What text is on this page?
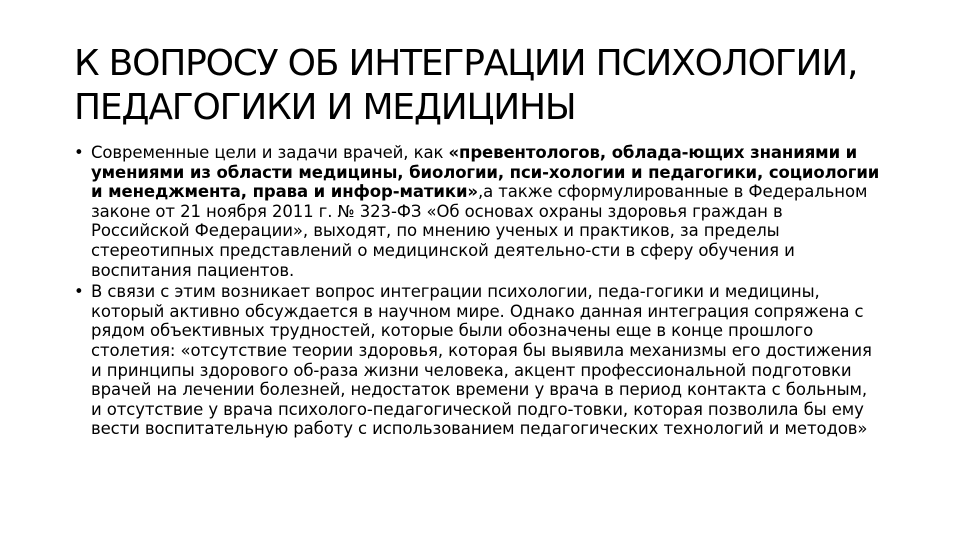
К ВОПРОСУ ОБ ИНТЕГРАЦИИ ПСИХОЛОГИИ, ПЕДАГОГИКИ И МЕДИЦИНЫ
• Современные цели и задачи врачей, как «превентологов, облада-ющих знаниями и умениями из области медицины, биологии, пси-хологии и педагогики, социологии и менеджмента, права и инфор-матики»,а также сформулированные в Федеральном законе от 21 ноября 2011 г. № 323-ФЗ «Об основах охраны здоровья граждан в Российской Федерации», выходят, по мнению ученых и практиков, за пределы стереотипных представлений о медицинской деятельно-сти в сферу обучения и воспитания пациентов.
• В связи с этим возникает вопрос интеграции психологии, педа-гогики и медицины, который активно обсуждается в научном мире. Однако данная интеграция сопряжена с рядом объективных трудностей, которые были обозначены еще в конце прошлого столетия: «отсутствие теории здоровья, которая бы выявила механизмы его достижения и принципы здорового об-раза жизни человека, акцент профессиональной подготовки врачей на лечении болезней, недостаток времени у врача в период контакта с больным, и отсутствие у врача психолого-педагогической подго-товки, которая позволила бы ему вести воспитательную работу с использованием педагогических технологий и методов»
